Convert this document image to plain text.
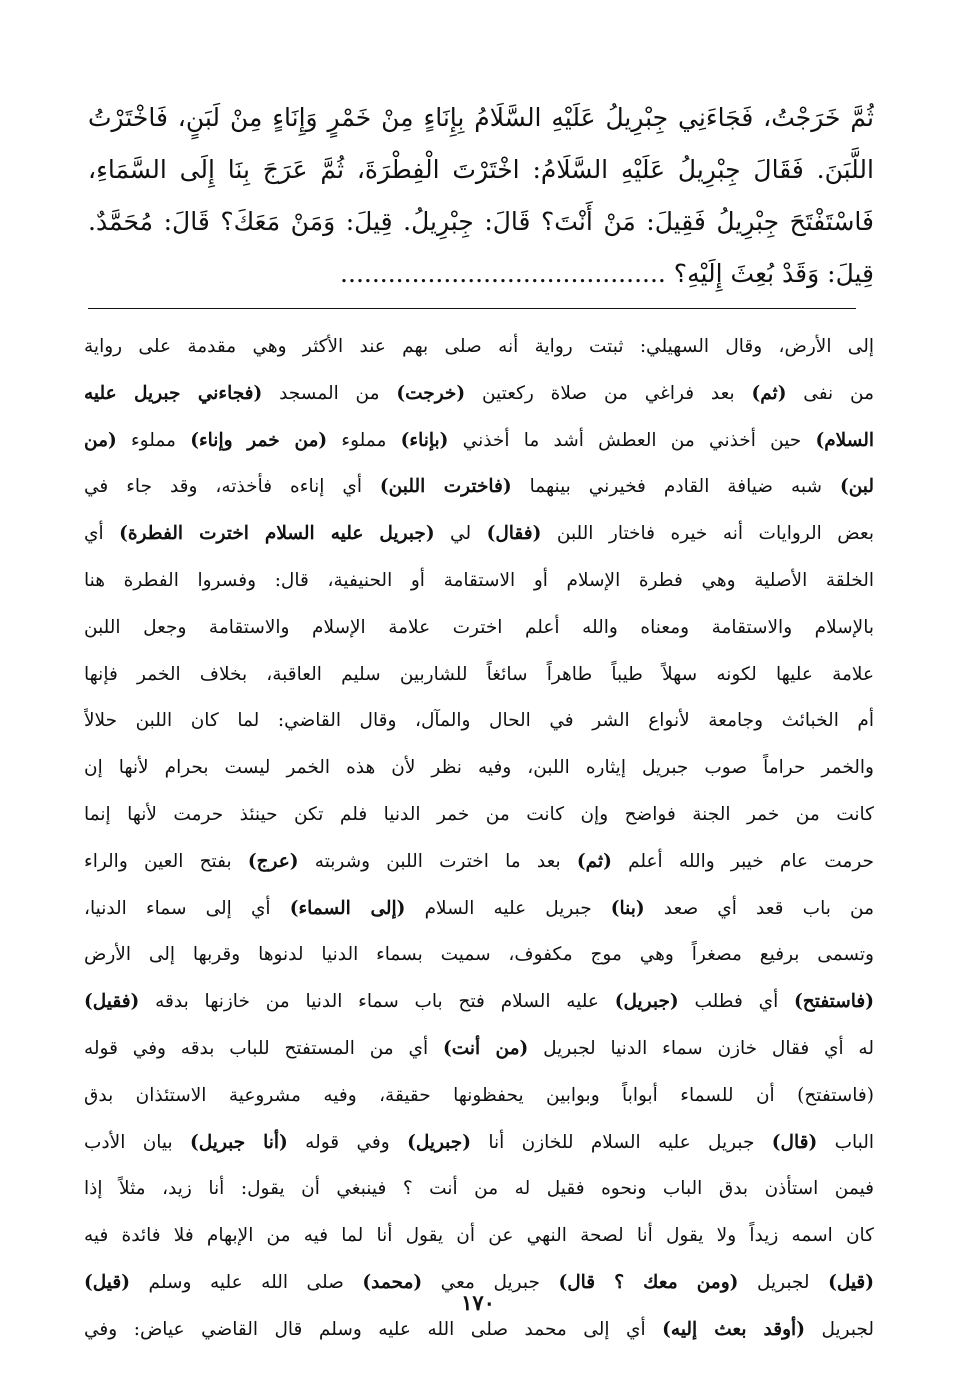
ثُمَّ خَرَجْتُ، فَجَاءَنِي جِبْرِيلُ عَلَيْهِ السَّلَامُ بِإِنَاءٍ مِنْ خَمْرٍ وَإِنَاءٍ مِنْ لَبَنٍ، فَاخْتَرْتُ
اللَّبَنَ. فَقَالَ جِبْرِيلُ عَلَيْهِ السَّلَامُ: اخْتَرْتَ الْفِطْرَةَ، ثُمَّ عَرَجَ بِنَا إِلَى السَّمَاءِ،
فَاسْتَفْتَحَ جِبْرِيلُ فَقِيلَ: مَنْ أَنْتَ؟ قَالَ: جِبْرِيلُ. قِيلَ: وَمَنْ مَعَكَ؟ قَالَ: مُحَمَّدٌ.
قِيلَ: وَقَدْ بُعِثَ إِلَيْهِ؟ .........................................
إلى الأرض، وقال السهيلي: ثبتت رواية أنه صلى بهم عند الأكثر وهي مقدمة على رواية
من نفى (ثم) بعد فراغي من صلاة ركعتين (خرجت) من المسجد (فجاءني جبريل عليه
السلام) حين أخذني من العطش أشد ما أخذني (بإناء) مملوء (من خمر وإناء) مملوء (من
لبن) شبه ضيافة القادم فخيرني بينهما (فاخترت اللبن) أي إناءه فأخذته، وقد جاء في
بعض الروايات أنه خيره فاختار اللبن (فقال) لي (جبريل عليه السلام اخترت الفطرة) أي
الخلقة الأصلية وهي فطرة الإسلام أو الاستقامة أو الحنيفية، قال: وفسروا الفطرة هنا
بالإسلام والاستقامة ومعناه والله أعلم اخترت علامة الإسلام والاستقامة وجعل اللبن
علامة عليها لكونه سهلاً طيباً طاهراً سائغاً للشاربين سليم العاقبة، بخلاف الخمر فإنها
أم الخبائث وجامعة لأنواع الشر في الحال والمآل، وقال القاضي: لما كان اللبن حلالاً
والخمر حراماً صوب جبريل إيثاره اللبن، وفيه نظر لأن هذه الخمر ليست بحرام لأنها إن
كانت من خمر الجنة فواضح وإن كانت من خمر الدنيا فلم تكن حينئذ حرمت لأنها إنما
حرمت عام خيبر والله أعلم (ثم) بعد ما اخترت اللبن وشربته (عرج) بفتح العين والراء
من باب قعد أي صعد (بنا) جبريل عليه السلام (إلى السماء) أي إلى سماء الدنيا،
وتسمى برفيع مصغراً وهي موج مكفوف، سميت بسماء الدنيا لدنوها وقربها إلى الأرض
(فاستفتح) أي فطلب (جبريل) عليه السلام فتح باب سماء الدنيا من خازنها بدقه (فقيل)
له أي فقال خازن سماء الدنيا لجبريل (من أنت) أي من المستفتح للباب بدقه وفي قوله
(فاستفتح) أن للسماء أبواباً وبوابين يحفظونها حقيقة، وفيه مشروعية الاستئذان بدق
الباب (قال) جبريل عليه السلام للخازن أنا (جبريل) وفي قوله (أنا جبريل) بيان الأدب
فيمن استأذن بدق الباب ونحوه فقيل له من أنت ؟ فينبغي أن يقول: أنا زيد، مثلاً إذا
كان اسمه زيداً ولا يقول أنا لصحة النهي عن أن يقول أنا لما فيه من الإبهام فلا فائدة فيه
(قيل) لجبريل (ومن معك ؟ قال) جبريل معي (محمد) صلى الله عليه وسلم (قيل)
لجبريل (أوقد بعث إليه) أي إلى محمد صلى الله عليه وسلم قال القاضي عياض: وفي
١٧٠
